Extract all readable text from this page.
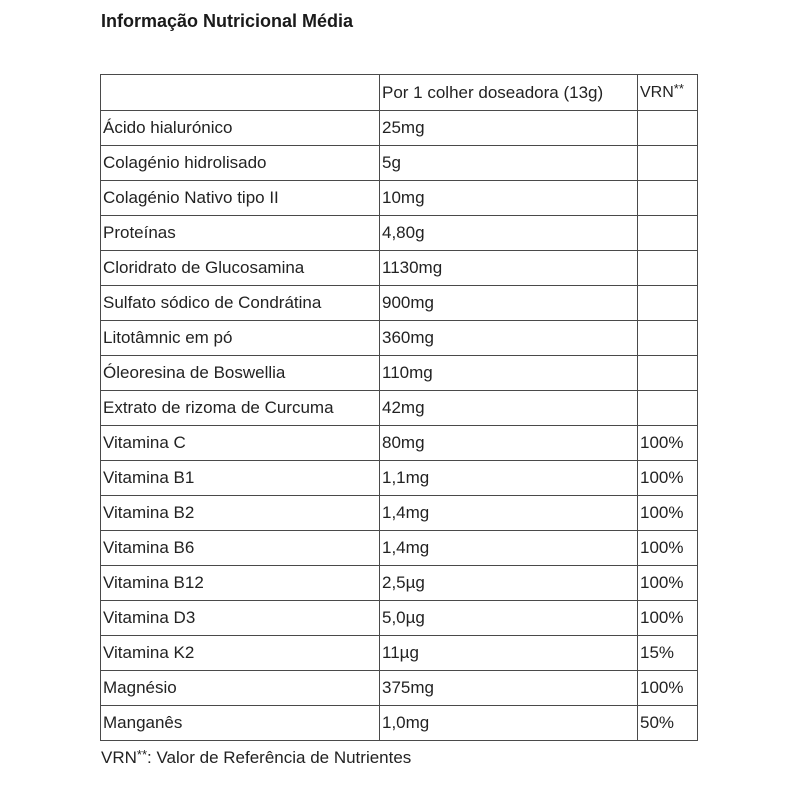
Informação Nutricional Média
	Por 1 colher doseadora (13g)	VRN**
Ácido hialurónico	25mg	
Colagénio hidrolisado	5g	
Colagénio Nativo tipo II	10mg	
Proteínas	4,80g	
Cloridrato de Glucosamina	1130mg	
Sulfato sódico de Condrátina	900mg	
Litotâmnic em pó	360mg	
Óleoresina de Boswellia	110mg	
Extrato de rizoma de Curcuma	42mg	
Vitamina C	80mg	100%
Vitamina B1	1,1mg	100%
Vitamina B2	1,4mg	100%
Vitamina B6	1,4mg	100%
Vitamina B12	2,5µg	100%
Vitamina D3	5,0µg	100%
Vitamina K2	11µg	15%
Magnésio	375mg	100%
Manganês	1,0mg	50%
VRN**: Valor de Referência de Nutrientes
